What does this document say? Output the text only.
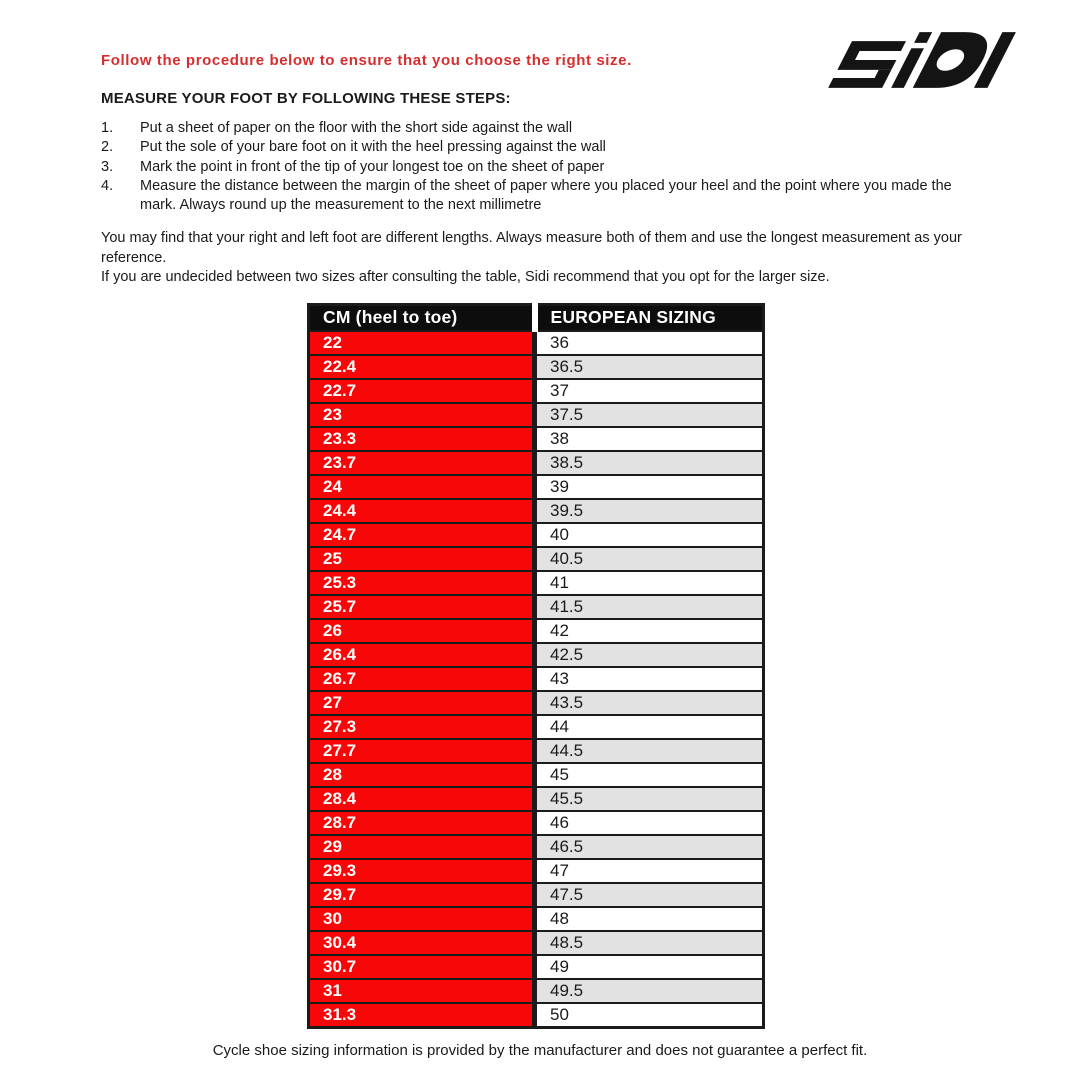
Follow the procedure below to ensure that you choose the right size.
MEASURE YOUR FOOT BY FOLLOWING THESE STEPS:
1.	Put a sheet of paper on the floor with the short side against the wall
2.	Put the sole of your bare foot on it with the heel pressing against the wall
3.	Mark the point in front of the tip of your longest toe on the sheet of paper
4.	Measure the distance between the margin of the sheet of paper where you placed your heel and the point where you made the mark. Always round up the measurement to the next millimetre
You may find that your right and left foot are different lengths. Always measure both of them and use the longest measurement as your reference.
If you are undecided between two sizes after consulting the table, Sidi recommend that you opt for the larger size.
CM (heel to toe)	EUROPEAN SIZING
22	36
22.4	36.5
22.7	37
23	37.5
23.3	38
23.7	38.5
24	39
24.4	39.5
24.7	40
25	40.5
25.3	41
25.7	41.5
26	42
26.4	42.5
26.7	43
27	43.5
27.3	44
27.7	44.5
28	45
28.4	45.5
28.7	46
29	46.5
29.3	47
29.7	47.5
30	48
30.4	48.5
30.7	49
31	49.5
31.3	50
Cycle shoe sizing information is provided by the manufacturer and does not guarantee a perfect fit.
